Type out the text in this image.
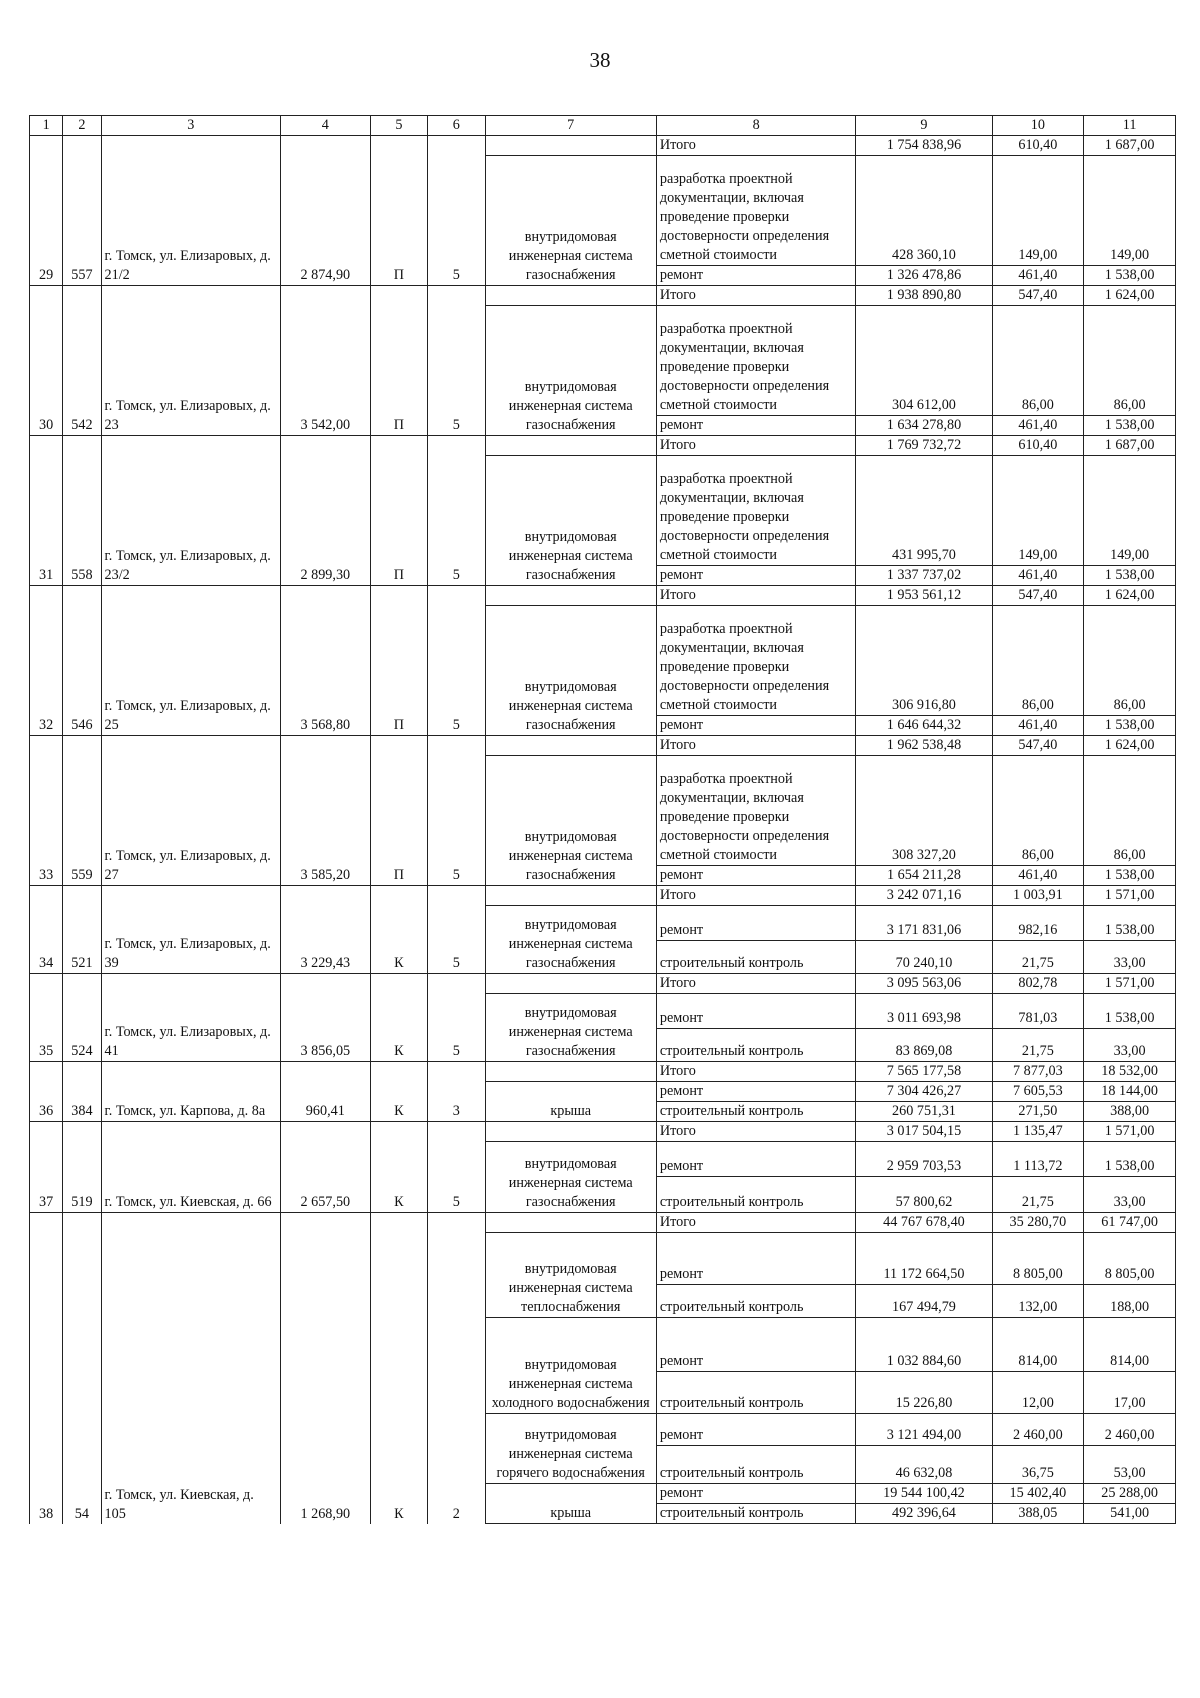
38
1	2	3	4	5	6	7	8	9	10	11
29	557	г. Томск, ул. Елизаровых, д. 21/2	2 874,90	П	5		Итого	1 754 838,96	610,40	1 687,00
						внутридомовая инженерная система газоснабжения	разработка проектной документации, включая проведение проверки достоверности определения сметной стоимости	428 360,10	149,00	149,00
							ремонт	1 326 478,86	461,40	1 538,00
30	542	г. Томск, ул. Елизаровых, д. 23	3 542,00	П	5		Итого	1 938 890,80	547,40	1 624,00
						внутридомовая инженерная система газоснабжения	разработка проектной документации, включая проведение проверки достоверности определения сметной стоимости	304 612,00	86,00	86,00
							ремонт	1 634 278,80	461,40	1 538,00
31	558	г. Томск, ул. Елизаровых, д. 23/2	2 899,30	П	5		Итого	1 769 732,72	610,40	1 687,00
						внутридомовая инженерная система газоснабжения	разработка проектной документации, включая проведение проверки достоверности определения сметной стоимости	431 995,70	149,00	149,00
							ремонт	1 337 737,02	461,40	1 538,00
32	546	г. Томск, ул. Елизаровых, д. 25	3 568,80	П	5		Итого	1 953 561,12	547,40	1 624,00
						внутридомовая инженерная система газоснабжения	разработка проектной документации, включая проведение проверки достоверности определения сметной стоимости	306 916,80	86,00	86,00
							ремонт	1 646 644,32	461,40	1 538,00
33	559	г. Томск, ул. Елизаровых, д. 27	3 585,20	П	5		Итого	1 962 538,48	547,40	1 624,00
						внутридомовая инженерная система газоснабжения	разработка проектной документации, включая проведение проверки достоверности определения сметной стоимости	308 327,20	86,00	86,00
							ремонт	1 654 211,28	461,40	1 538,00
34	521	г. Томск, ул. Елизаровых, д. 39	3 229,43	К	5		Итого	3 242 071,16	1 003,91	1 571,00
						внутридомовая инженерная система газоснабжения	ремонт	3 171 831,06	982,16	1 538,00
							строительный контроль	70 240,10	21,75	33,00
35	524	г. Томск, ул. Елизаровых, д. 41	3 856,05	К	5		Итого	3 095 563,06	802,78	1 571,00
						внутридомовая инженерная система газоснабжения	ремонт	3 011 693,98	781,03	1 538,00
							строительный контроль	83 869,08	21,75	33,00
36	384	г. Томск, ул. Карпова, д. 8а	960,41	К	3		Итого	7 565 177,58	7 877,03	18 532,00
						крыша	ремонт	7 304 426,27	7 605,53	18 144,00
							строительный контроль	260 751,31	271,50	388,00
37	519	г. Томск, ул. Киевская, д. 66	2 657,50	К	5		Итого	3 017 504,15	1 135,47	1 571,00
						внутридомовая инженерная система газоснабжения	ремонт	2 959 703,53	1 113,72	1 538,00
							строительный контроль	57 800,62	21,75	33,00
38	54	г. Томск, ул. Киевская, д. 105	1 268,90	К	2		Итого	44 767 678,40	35 280,70	61 747,00
						внутридомовая инженерная система теплоснабжения	ремонт	11 172 664,50	8 805,00	8 805,00
							строительный контроль	167 494,79	132,00	188,00
						внутридомовая инженерная система холодного водоснабжения	ремонт	1 032 884,60	814,00	814,00
							строительный контроль	15 226,80	12,00	17,00
						внутридомовая инженерная система горячего водоснабжения	ремонт	3 121 494,00	2 460,00	2 460,00
							строительный контроль	46 632,08	36,75	53,00
						крыша	ремонт	19 544 100,42	15 402,40	25 288,00
							строительный контроль	492 396,64	388,05	541,00
